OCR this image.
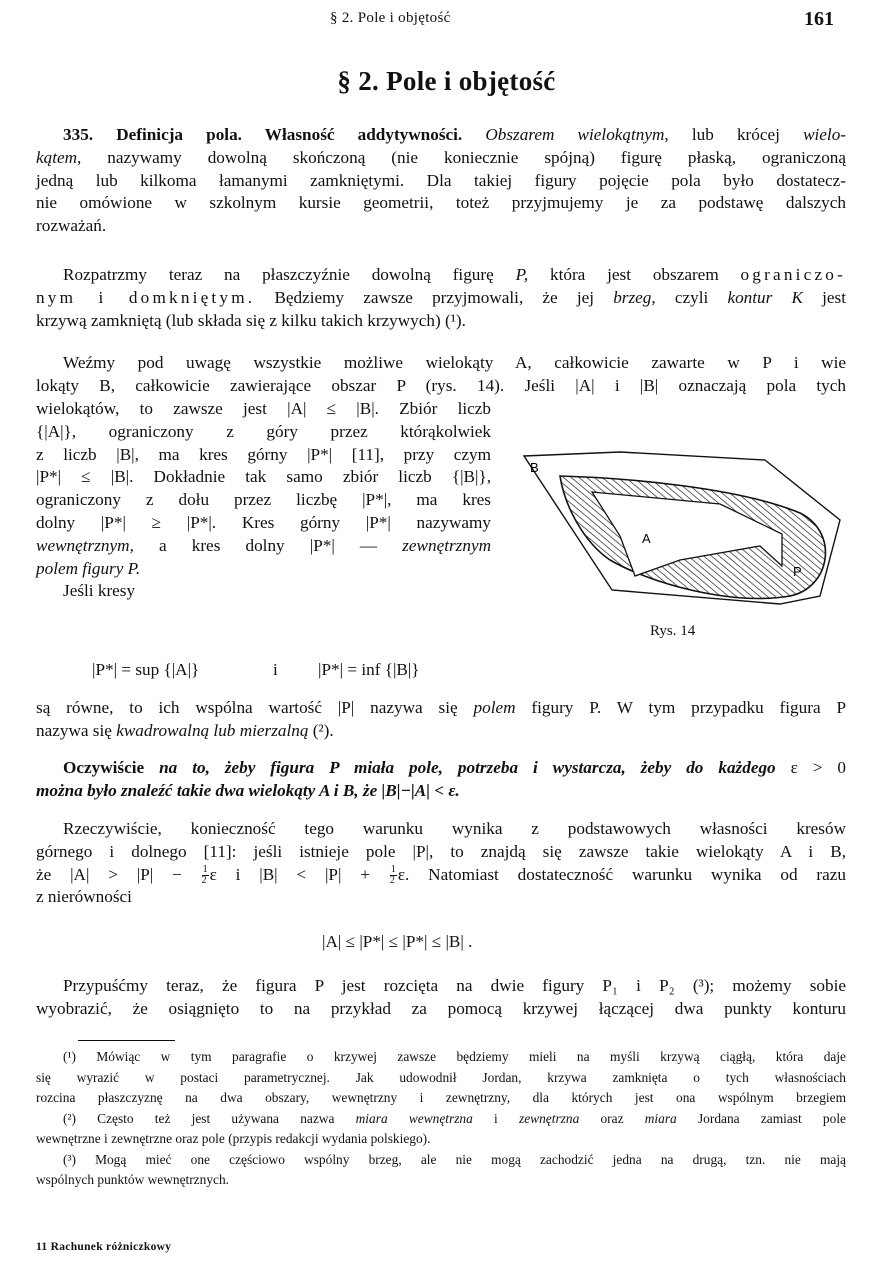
§ 2. Pole i objętość	161
§ 2. Pole i objętość
335. Definicja pola. Własność addytywności. Obszarem wielokątnym, lub krócej wielo-
kątem, nazywamy dowolną skończoną (nie koniecznie spójną) figurę płaską, ograniczoną
jedną lub kilkoma łamanymi zamkniętymi. Dla takiej figury pojęcie pola było dostatecz-
nie omówione w szkolnym kursie geometrii, toteż przyjmujemy je za podstawę dalszych
rozważań.
Rozpatrzmy teraz na płaszczyźnie dowolną figurę P, która jest obszarem ograniczo-
nym i domkniętym. Będziemy zawsze przyjmowali, że jej brzeg, czyli kontur K jest
krzywą zamkniętą (lub składa się z kilku takich krzywych) (¹).
Weźmy pod uwagę wszystkie możliwe wielokąty A, całkowicie zawarte w P i wie
lokąty B, całkowicie zawierające obszar P (rys. 14). Jeśli |A| i |B| oznaczają pola tych
wielokątów, to zawsze jest |A| ≤ |B|. Zbiór liczb
{|A|}, ograniczony z góry przez którąkolwiek
z liczb |B|, ma kres górny |P*| [11], przy czym
|P*| ≤ |B|. Dokładnie tak samo zbiór liczb {|B|},
ograniczony z dołu przez liczbę |P*|, ma kres
dolny |P*| ≥ |P*|. Kres górny |P*| nazywamy
wewnętrznym, a kres dolny |P*| — zewnętrznym
polem figury P.
Jeśli kresy
B
A
P
Rys. 14
|P*| = sup {|A|}	i |P*| = inf {|B|}
są równe, to ich wspólna wartość |P| nazywa się polem figury P. W tym przypadku figura P
nazywa się kwadrowalną lub mierzalną (²).
Oczywiście na to, żeby figura P miała pole, potrzeba i wystarcza, żeby do każdego ε > 0
można było znaleźć takie dwa wielokąty A i B, że |B|−|A| < ε.
Rzeczywiście, konieczność tego warunku wynika z podstawowych własności kresów
górnego i dolnego [11]: jeśli istnieje pole |P|, to znajdą się zawsze takie wielokąty A i B,
że $|A| > |P| - \frac{1}{2}$ ε i $|B| < |P| + \frac{1}{2} \varepsilon$. Natomiast dostateczność warunku wynika od razu
z nierówności
|A| ≤ |P*| ≤ |P*| ≤ |B| .
Przypuśćmy teraz, że figura P jest rozcięta na dwie figury P₁ i P₂ (³); możemy sobie
wyobrazić, że osiągnięto to na przykład za pomocą krzywej łączącej dwa punkty konturu
(¹) Mówiąc w tym paragrafie o krzywej zawsze będziemy mieli na myśli krzywą ciągłą, która daje
się wyrazić w postaci parametrycznej. Jak udowodnił Jordan, krzywa zamknięta o tych własnościach
rozcina płaszczyznę na dwa obszary, wewnętrzny i zewnętrzny, dla których jest ona wspólnym brzegiem
(²) Często też jest używana nazwa miara wewnętrzna i zewnętrzna oraz miara Jordana zamiast pole
wewnętrzne i zewnętrzne oraz pole (przypis redakcji wydania polskiego).
(³) Mogą mieć one częściowo wspólny brzeg, ale nie mogą zachodzić jedna na drugą, tzn. nie mają
wspólnych punktów wewnętrznych.
11 Rachunek różniczkowy
